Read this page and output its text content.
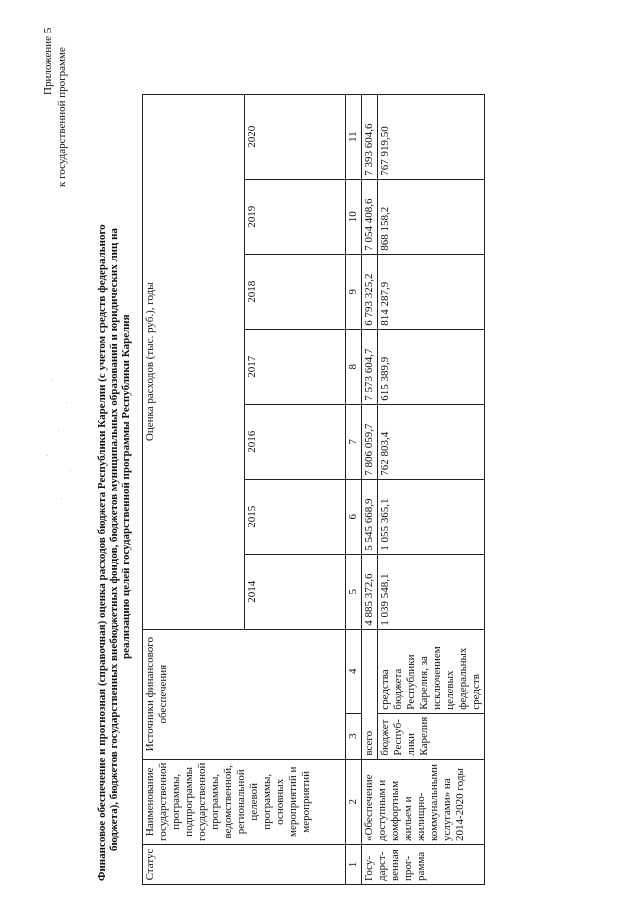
Приложение 5 к государственной программе
Финансовое обеспечение и прогнозная (справочная) оценка расходов бюджета Республики Карелии (с учетом средств федерального бюджета), бюджетов государственных внебюджетных фондов, бюджетов муниципальных образований и юридических лиц на реализацию целей государственной программы Республики Карелия
Статус	Наименование государственной программы, подпрограммы государственной программы, ведомственной, региональной целевой программы, основных мероприятий и мероприятий	Источники финансового обеспечения		Оценка расходов (тыс. руб.), годы						
				2014	2015	2016	2017	2018	2019	2020
1	2	3	4	5	6	7	8	9	10	11
Госу-дарст-венная прог-рамма	«Обеспечение доступным и комфортным жильем и жилищно-коммунальными услугами» на 2014-2020 годы	всего		4 885 372,6	5 545 668,9	7 806 059,7	7 573 604,7	6 793 325,2	7 054 408,6	7 393 604,6
		бюджет Респуб-лики Карелия	средства бюджета Республики Карелия, за исключением целевых федеральных средств	1 039 548,1	1 055 365,1	762 803,4	615 389,9	814 287,9	868 158,2	767 919,50
